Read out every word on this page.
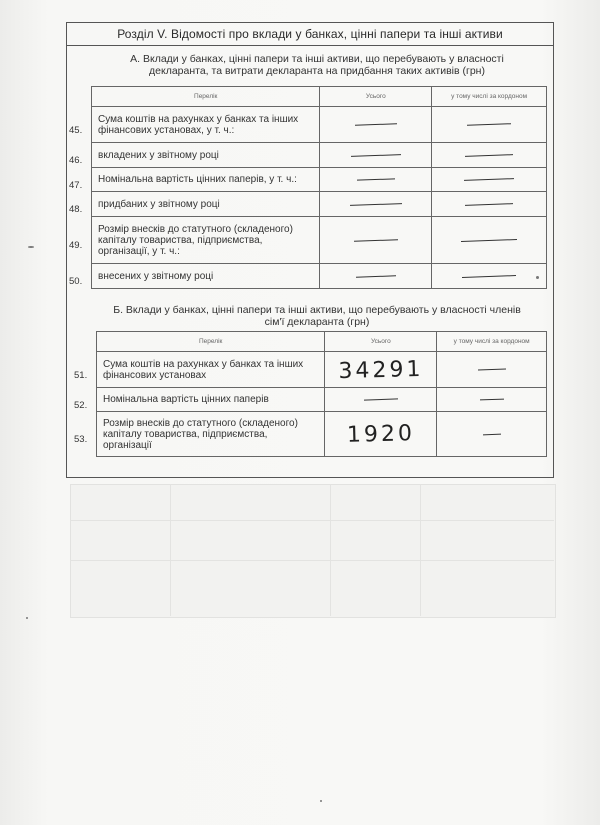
Розділ V. Відомості про вклади у банках, цінні папери та інші активи
А. Вклади у банках, цінні папери та інші активи, що перебувають у власності декларанта, та витрати декларанта на придбання таких активів (грн)
	Перелік	Усього	у тому числі за кордоном

45.	Сума коштів на рахунках у банках та інших фінансових установах, у т. ч.:	

46.	вкладених у звітному році	

47.	Номінальна вартість цінних паперів, у т. ч.:	

48.	придбаних у звітному році	

49.	Розмір внесків до статутного (складеного) капіталу товариства, підприємства, організації, у т. ч.:	

50.	внесених у звітному році	

Б. Вклади у банках, цінні папери та інші активи, що перебувають у власності членів сім'ї декларанта (грн)
	Перелік	Усього	у тому числі за кордоном

51.	Сума коштів на рахунках у банках та інших фінансових установах	34291	

52.	Номінальна вартість цінних паперів	

53.	Розмір внесків до статутного (складеного) капіталу товариства, підприємства, організації	1920	
